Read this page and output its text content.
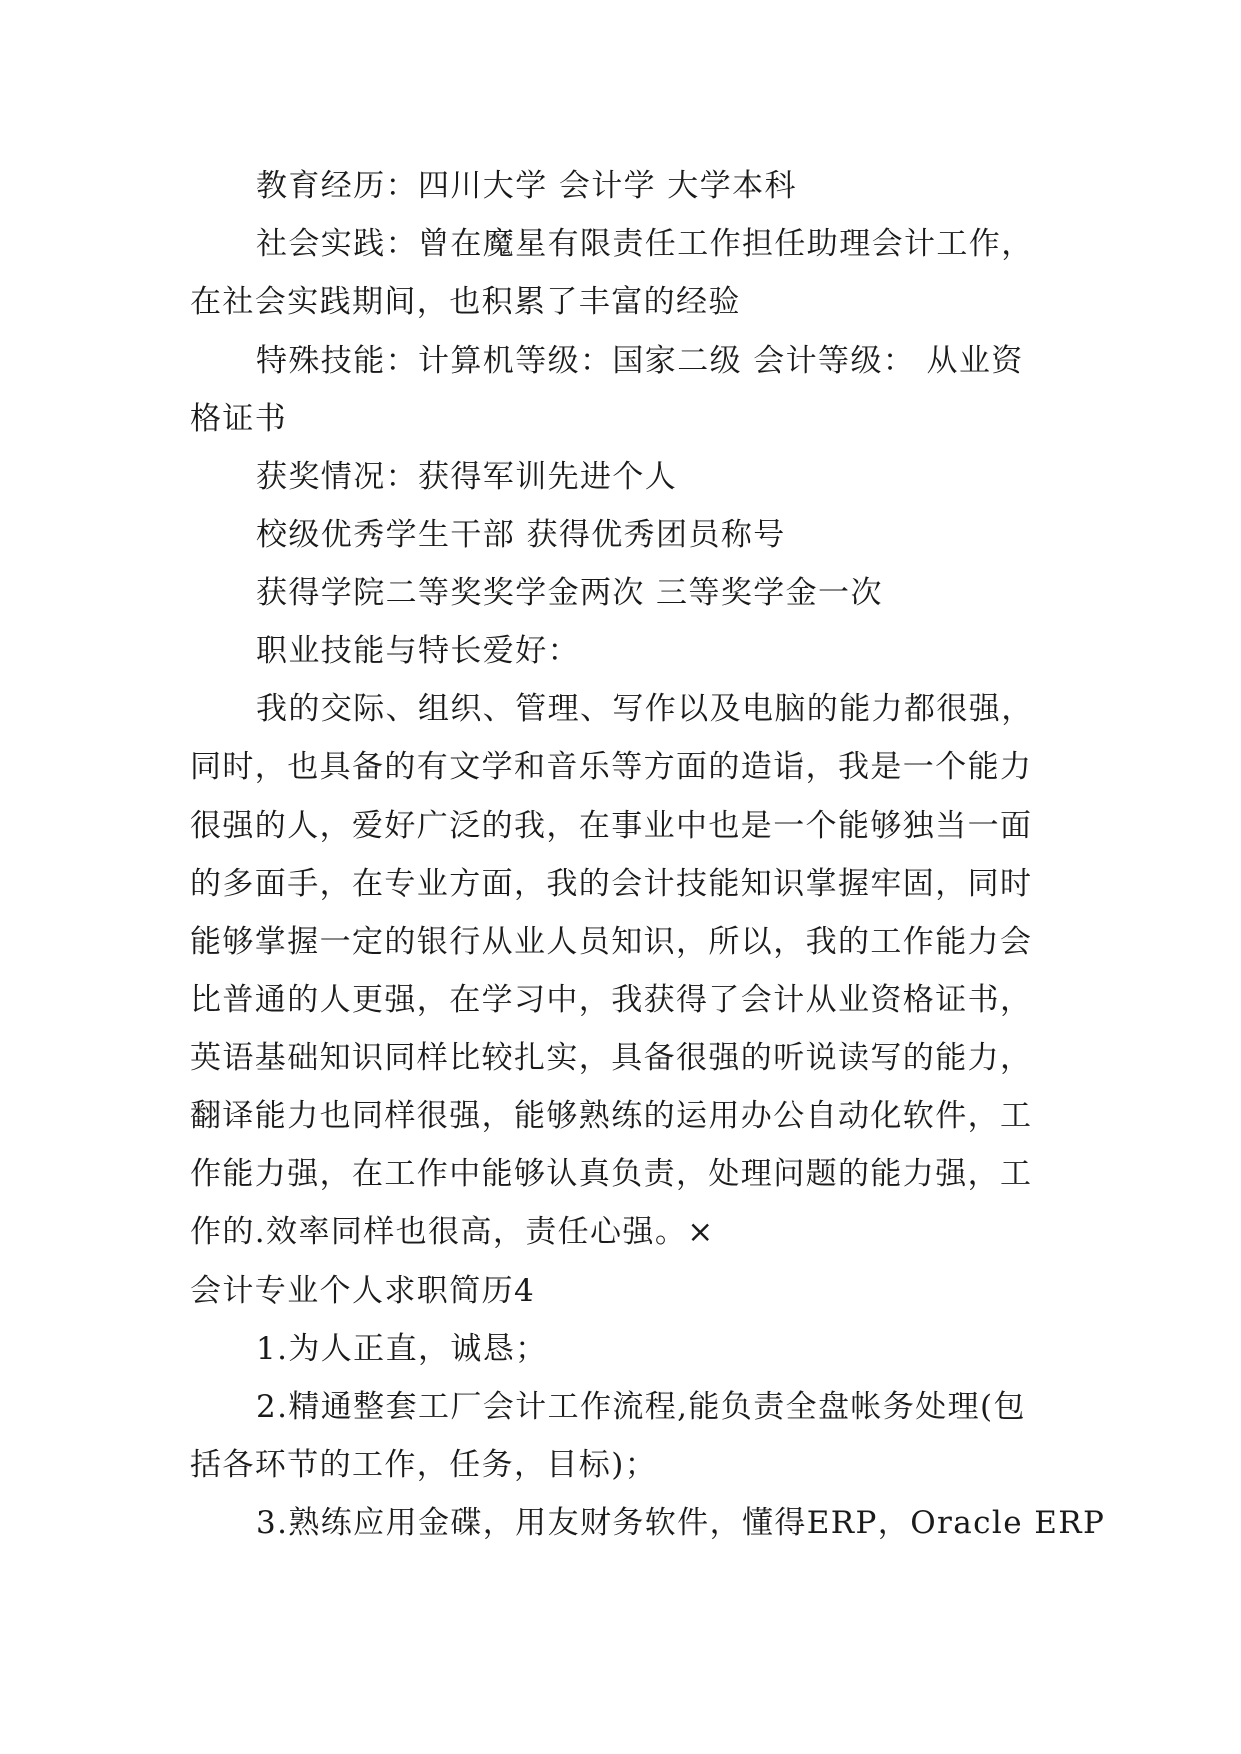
教育经历：四川大学 会计学 大学本科
社会实践：曾在魔星有限责任工作担任助理会计工作，
在社会实践期间，也积累了丰富的经验
特殊技能：计算机等级：国家二级 会计等级： 从业资
格证书
获奖情况：获得军训先进个人
校级优秀学生干部 获得优秀团员称号
获得学院二等奖奖学金两次 三等奖学金一次
职业技能与特长爱好：
我的交际、组织、管理、写作以及电脑的能力都很强，
同时，也具备的有文学和音乐等方面的造诣，我是一个能力
很强的人，爱好广泛的我，在事业中也是一个能够独当一面
的多面手，在专业方面，我的会计技能知识掌握牢固，同时
能够掌握一定的银行从业人员知识，所以，我的工作能力会
比普通的人更强，在学习中，我获得了会计从业资格证书，
英语基础知识同样比较扎实，具备很强的听说读写的能力，
翻译能力也同样很强，能够熟练的运用办公自动化软件，工
作能力强，在工作中能够认真负责，处理问题的能力强，工
作的.效率同样也很高，责任心强。×
会计专业个人求职简历4
1.为人正直，诚恳；
2.精通整套工厂会计工作流程,能负责全盘帐务处理(包
括各环节的工作，任务，目标)；
3.熟练应用金碟，用友财务软件，懂得ERP，Oracle ERP
